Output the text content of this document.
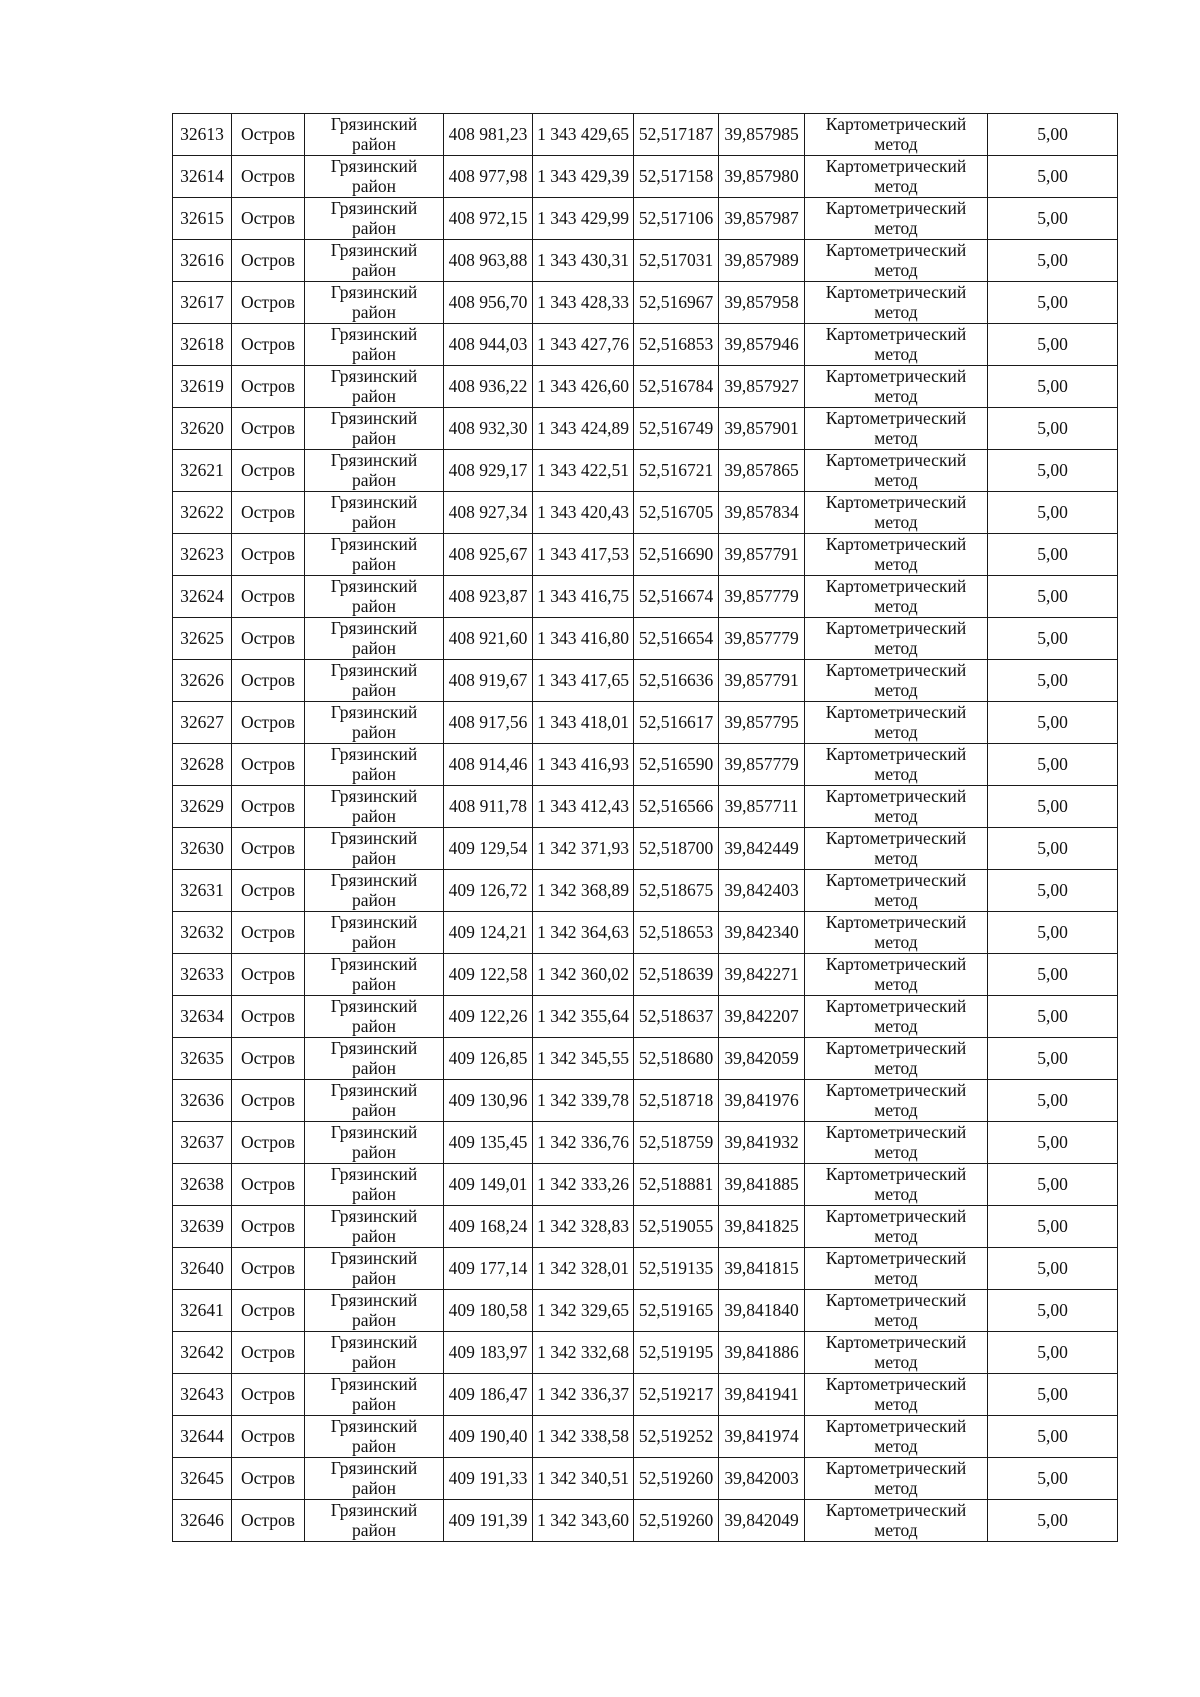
32613	Остров	Грязинский район	408 981,23	1 343 429,65	52,517187	39,857985	Картометрический метод	5,00

32614	Остров	Грязинский район	408 977,98	1 343 429,39	52,517158	39,857980	Картометрический метод	5,00

32615	Остров	Грязинский район	408 972,15	1 343 429,99	52,517106	39,857987	Картометрический метод	5,00

32616	Остров	Грязинский район	408 963,88	1 343 430,31	52,517031	39,857989	Картометрический метод	5,00

32617	Остров	Грязинский район	408 956,70	1 343 428,33	52,516967	39,857958	Картометрический метод	5,00

32618	Остров	Грязинский район	408 944,03	1 343 427,76	52,516853	39,857946	Картометрический метод	5,00

32619	Остров	Грязинский район	408 936,22	1 343 426,60	52,516784	39,857927	Картометрический метод	5,00

32620	Остров	Грязинский район	408 932,30	1 343 424,89	52,516749	39,857901	Картометрический метод	5,00

32621	Остров	Грязинский район	408 929,17	1 343 422,51	52,516721	39,857865	Картометрический метод	5,00

32622	Остров	Грязинский район	408 927,34	1 343 420,43	52,516705	39,857834	Картометрический метод	5,00

32623	Остров	Грязинский район	408 925,67	1 343 417,53	52,516690	39,857791	Картометрический метод	5,00

32624	Остров	Грязинский район	408 923,87	1 343 416,75	52,516674	39,857779	Картометрический метод	5,00

32625	Остров	Грязинский район	408 921,60	1 343 416,80	52,516654	39,857779	Картометрический метод	5,00

32626	Остров	Грязинский район	408 919,67	1 343 417,65	52,516636	39,857791	Картометрический метод	5,00

32627	Остров	Грязинский район	408 917,56	1 343 418,01	52,516617	39,857795	Картометрический метод	5,00

32628	Остров	Грязинский район	408 914,46	1 343 416,93	52,516590	39,857779	Картометрический метод	5,00

32629	Остров	Грязинский район	408 911,78	1 343 412,43	52,516566	39,857711	Картометрический метод	5,00

32630	Остров	Грязинский район	409 129,54	1 342 371,93	52,518700	39,842449	Картометрический метод	5,00

32631	Остров	Грязинский район	409 126,72	1 342 368,89	52,518675	39,842403	Картометрический метод	5,00

32632	Остров	Грязинский район	409 124,21	1 342 364,63	52,518653	39,842340	Картометрический метод	5,00

32633	Остров	Грязинский район	409 122,58	1 342 360,02	52,518639	39,842271	Картометрический метод	5,00

32634	Остров	Грязинский район	409 122,26	1 342 355,64	52,518637	39,842207	Картометрический метод	5,00

32635	Остров	Грязинский район	409 126,85	1 342 345,55	52,518680	39,842059	Картометрический метод	5,00

32636	Остров	Грязинский район	409 130,96	1 342 339,78	52,518718	39,841976	Картометрический метод	5,00

32637	Остров	Грязинский район	409 135,45	1 342 336,76	52,518759	39,841932	Картометрический метод	5,00

32638	Остров	Грязинский район	409 149,01	1 342 333,26	52,518881	39,841885	Картометрический метод	5,00

32639	Остров	Грязинский район	409 168,24	1 342 328,83	52,519055	39,841825	Картометрический метод	5,00

32640	Остров	Грязинский район	409 177,14	1 342 328,01	52,519135	39,841815	Картометрический метод	5,00

32641	Остров	Грязинский район	409 180,58	1 342 329,65	52,519165	39,841840	Картометрический метод	5,00

32642	Остров	Грязинский район	409 183,97	1 342 332,68	52,519195	39,841886	Картометрический метод	5,00

32643	Остров	Грязинский район	409 186,47	1 342 336,37	52,519217	39,841941	Картометрический метод	5,00

32644	Остров	Грязинский район	409 190,40	1 342 338,58	52,519252	39,841974	Картометрический метод	5,00

32645	Остров	Грязинский район	409 191,33	1 342 340,51	52,519260	39,842003	Картометрический метод	5,00

32646	Остров	Грязинский район	409 191,39	1 342 343,60	52,519260	39,842049	Картометрический метод	5,00
